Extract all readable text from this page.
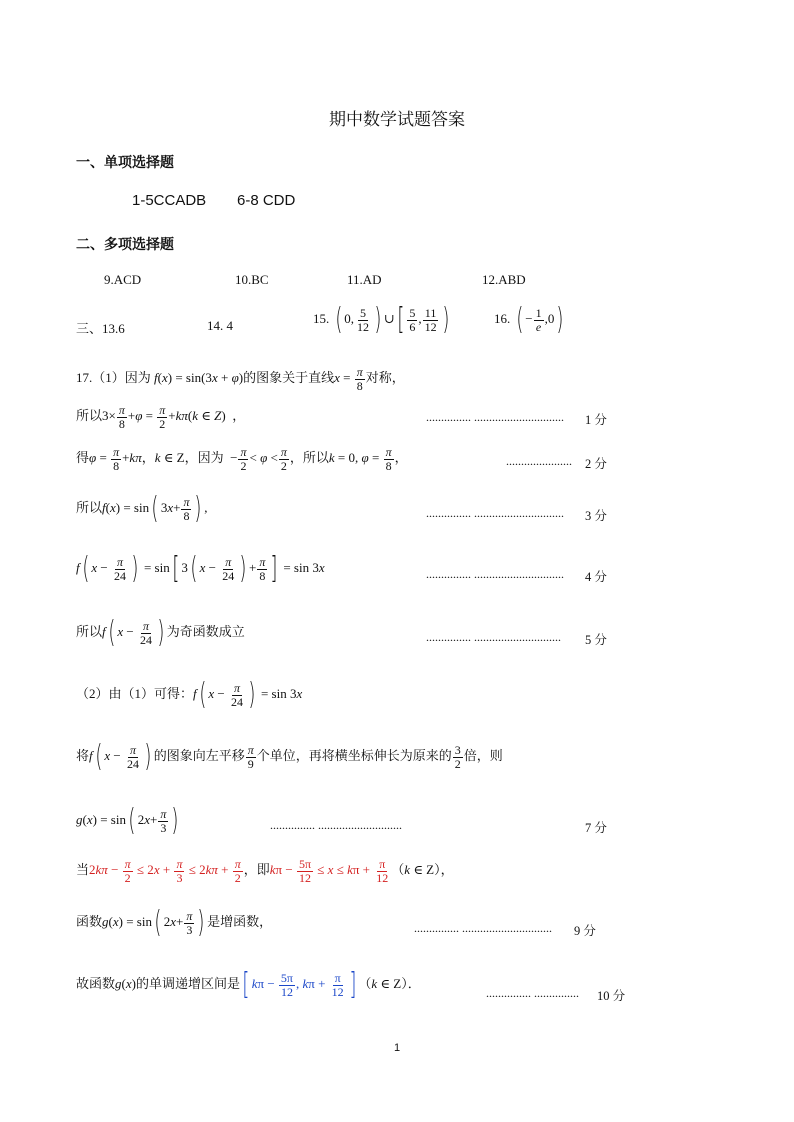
期中数学试题答案
一、单项选择题
1-5CCADB 6-8 CDD
二、多项选择题
9.ACD	10.BC	11.AD	12.ABD
三、13.6	14. 4	15. ( 0, $\frac{5}{12}$ ) ∪[ $\frac{5}{6}$ , $\frac{11}{12}$ )	16. ( − $\frac{1}{e} ,0$)
17.（1）因为 f(x) = sin(3x + φ)的图象关于直线$x = \frac{\pi}{8}$ 对称，
所以$3\times \frac{\pi}{8} +\varphi = \frac{\pi}{2} +k\pi(k$ ∈ Z)  ，	............... .............................. 1 分
得$\varphi = \frac{\pi}{8} +k\pi$，k ∈ Z，因为  − $\frac{\pi}{2} < \varphi < \frac{\pi}{2}$ ，所以k = 0, $\varphi = \frac{\pi}{8}$ ，	...................... 2 分
所以f(x) = sin( $3x+ \frac{\pi}{8}$ ) ,	............... .............................. 3 分
f( $x - \frac{\pi}{24}$ ) = sin[ 3( $x - \frac{\pi}{24}$ ) + $\frac{\pi}{8}$ ] = sin 3x	............... .............................. 4 分
所以f( $x - \frac{\pi}{24}$ ) 为奇函数成立	............... ............................. 5 分
（2）由（1）可得：f( $x - \frac{\pi}{24}$ ) = sin 3x
将f( $x - \frac{\pi}{24}$ ) 的图象向左平移 $\frac{\pi}{9}$ 个单位，再将横坐标伸长为原来的 $\frac{3}{2}$ 倍，则
g(x) = sin( $2x+ \frac{\pi}{3}$ )	............... ............................	7 分
当$2k\pi - \frac{\pi}{2} \le 2x + \frac{\pi}{3} \le 2k\pi + \frac{\pi}{2}$ ，即$k\pi - \frac{5\pi}{12} \le x \le k\pi + \frac{\pi}{12} (k$ ∈ Z），
函数g(x) = sin( $2x+ \frac{\pi}{3}$ ) 是增函数，	............... .............................. 9 分
故函数g(x)的单调递增区间是[ $k\pi - \frac{5\pi}{12}$ , $k\pi + \frac{\pi}{12}$ ] （k ∈ Z）．
............... ............... 10 分
1
